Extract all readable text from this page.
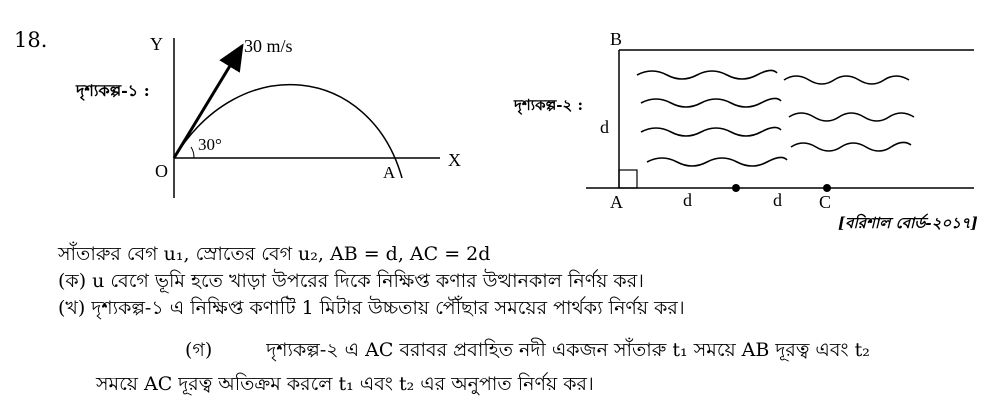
18.
দৃশ্যকল্প-১ :
দৃশ্যকল্প-২ :
[বরিশাল বোর্ড-২০১৭]
Y
X
O
30 m/s
30°
A
B
A	C
d
d	d
সাঁতারুর বেগ u₁, স্রোতের বেগ u₂, AB = d, AC = 2d
(ক) u বেগে ভূমি হতে খাড়া উপরের দিকে নিক্ষিপ্ত কণার উত্থানকাল নির্ণয় কর।
(খ) দৃশ্যকল্প-১ এ নিক্ষিপ্ত কণাটি 1 মিটার উচ্চতায় পৌঁছার সময়ের পার্থক্য নির্ণয় কর।
(গ)	দৃশ্যকল্প-২ এ AC বরাবর প্রবাহিত নদী একজন সাঁতারু t₁ সময়ে AB দূরত্ব এবং t₂
সময়ে AC দূরত্ব অতিক্রম করলে t₁ এবং t₂ এর অনুপাত নির্ণয় কর।
